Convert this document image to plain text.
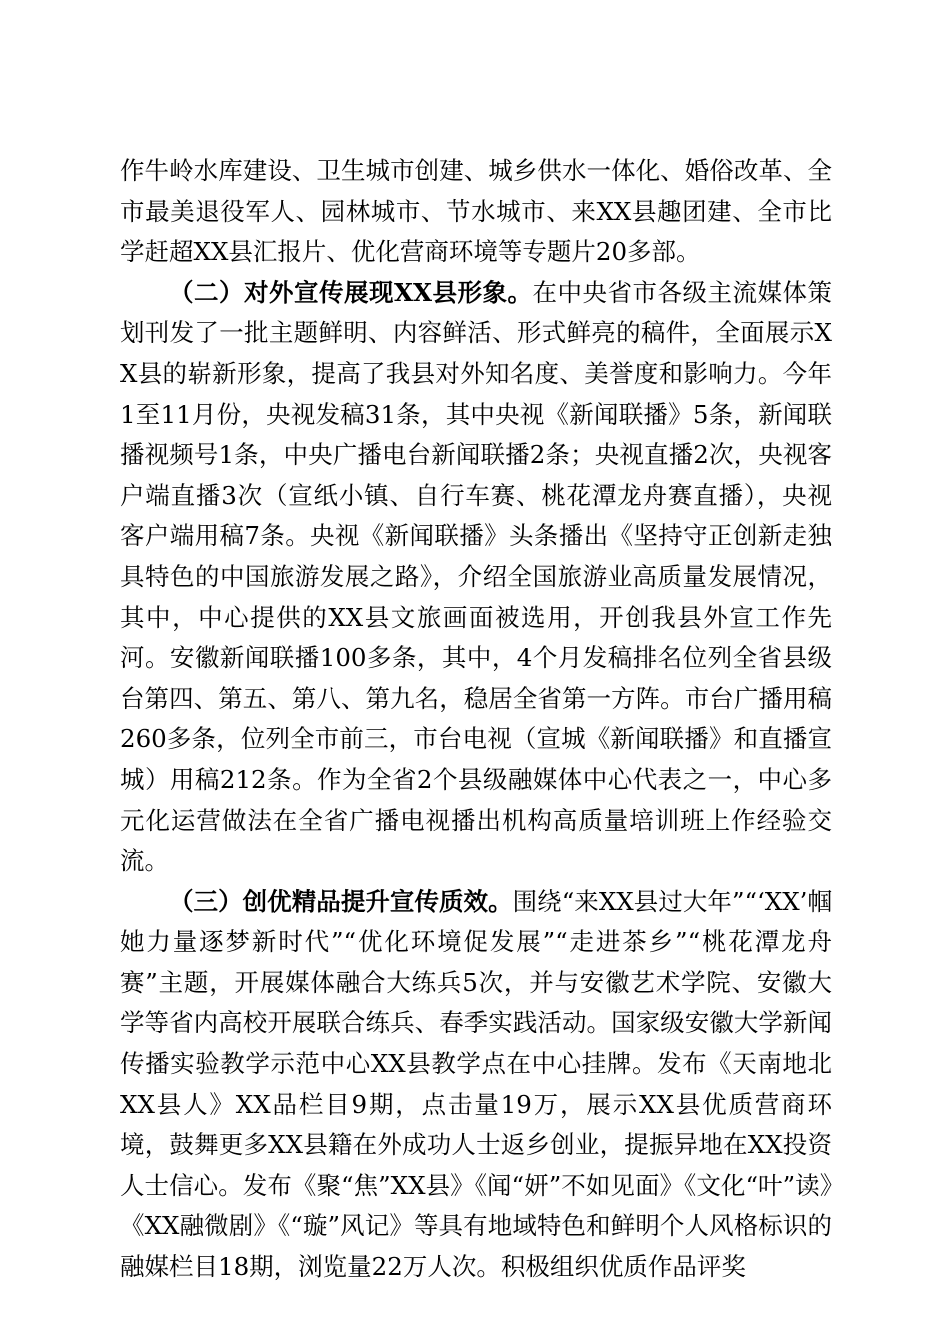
作牛岭水库建设、卫生城市创建、城乡供水一体化、婚俗改革、全市最美退役军人、园林城市、节水城市、来XX县趣团建、全市比学赶超XX县汇报片、优化营商环境等专题片20多部。

（二）对外宣传展现XX县形象。在中央省市各级主流媒体策划刊发了一批主题鲜明、内容鲜活、形式鲜亮的稿件，全面展示XX县的崭新形象，提高了我县对外知名度、美誉度和影响力。今年1至11月份，央视发稿31条，其中央视《新闻联播》5条，新闻联播视频号1条，中央广播电台新闻联播2条；央视直播2次，央视客户端直播3次（宣纸小镇、自行车赛、桃花潭龙舟赛直播），央视客户端用稿7条。央视《新闻联播》头条播出《坚持守正创新走独具特色的中国旅游发展之路》，介绍全国旅游业高质量发展情况，其中，中心提供的XX县文旅画面被选用，开创我县外宣工作先河。安徽新闻联播100多条，其中，4个月发稿排名位列全省县级台第四、第五、第八、第九名，稳居全省第一方阵。市台广播用稿260多条，位列全市前三，市台电视（宣城《新闻联播》和直播宣城）用稿212条。作为全省2个县级融媒体中心代表之一，中心多元化运营做法在全省广播电视播出机构高质量培训班上作经验交流。

（三）创优精品提升宣传质效。围绕“来XX县过大年”“‘XX’帼她力量逐梦新时代”“优化环境促发展”“走进茶乡”“桃花潭龙舟赛”主题，开展媒体融合大练兵5次，并与安徽艺术学院、安徽大学等省内高校开展联合练兵、春季实践活动。国家级安徽大学新闻传播实验教学示范中心XX县教学点在中心挂牌。发布《天南地北XX县人》XX品栏目9期，点击量19万，展示XX县优质营商环境，鼓舞更多XX县籍在外成功人士返乡创业，提振异地在XX投资人士信心。发布《聚“焦”XX县》《闻“妍”不如见面》《文化“叶”读》《XX融微剧》《“璇”风记》等具有地域特色和鲜明个人风格标识的融媒栏目18期，浏览量22万人次。积极组织优质作品评奖
